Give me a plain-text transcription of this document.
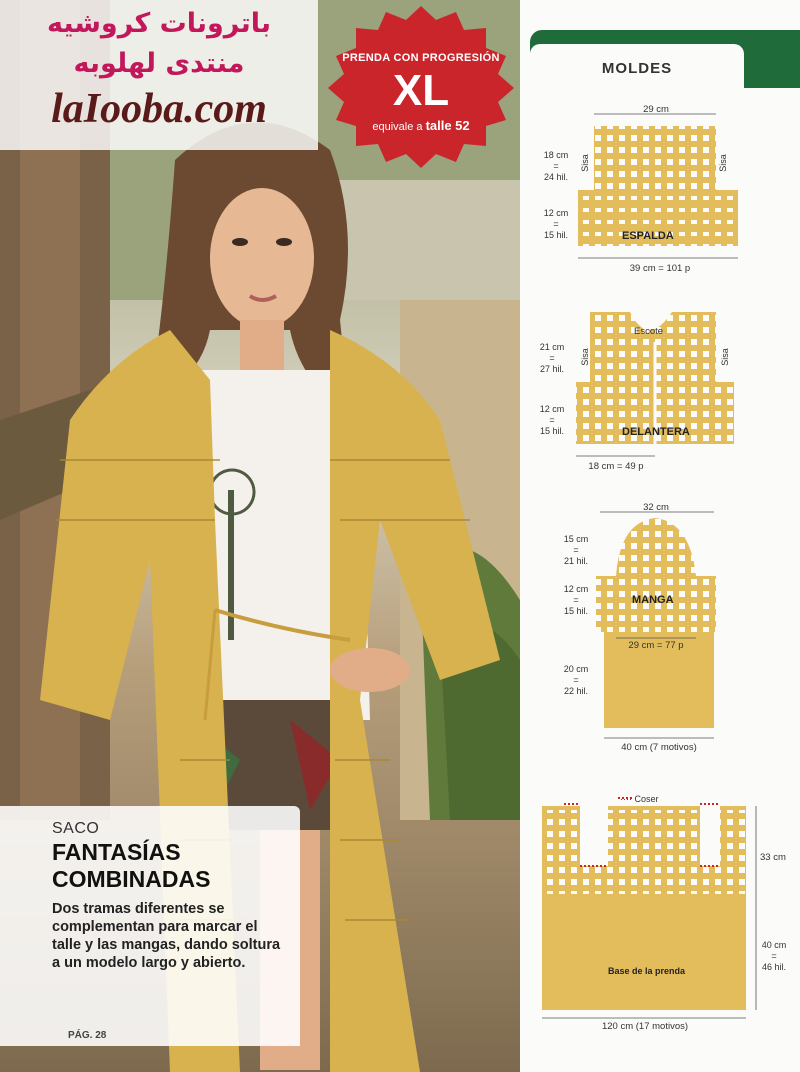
باترونات كروشيه
منتدى لهلوبه
laIooba.com
PRENDA CON PROGRESIÓN
XL
equivale a talle 52
SACO
FANTASÍAS
COMBINADAS
Dos tramas diferentes se complementan para marcar el talle y las mangas, dando soltura a un modelo largo y abierto.
PÁG. 28
MOLDES
29 cm
18 cm
=
24 hil.
12 cm
=
15 hil.
Sisa	Sisa
ESPALDA
39 cm = 101 p
Escote
21 cm
=
27 hil.
12 cm
=
15 hil.
Sisa	Sisa
DELANTERA
18 cm = 49 p
32 cm
15 cm
=
21 hil.
12 cm
=
15 hil.
20 cm
=
22 hil.
MANGA
29 cm = 77 p
40 cm (7 motivos)
···· Coser
33 cm
40 cm
=
46 hil.
Base de la prenda
120 cm (17 motivos)
